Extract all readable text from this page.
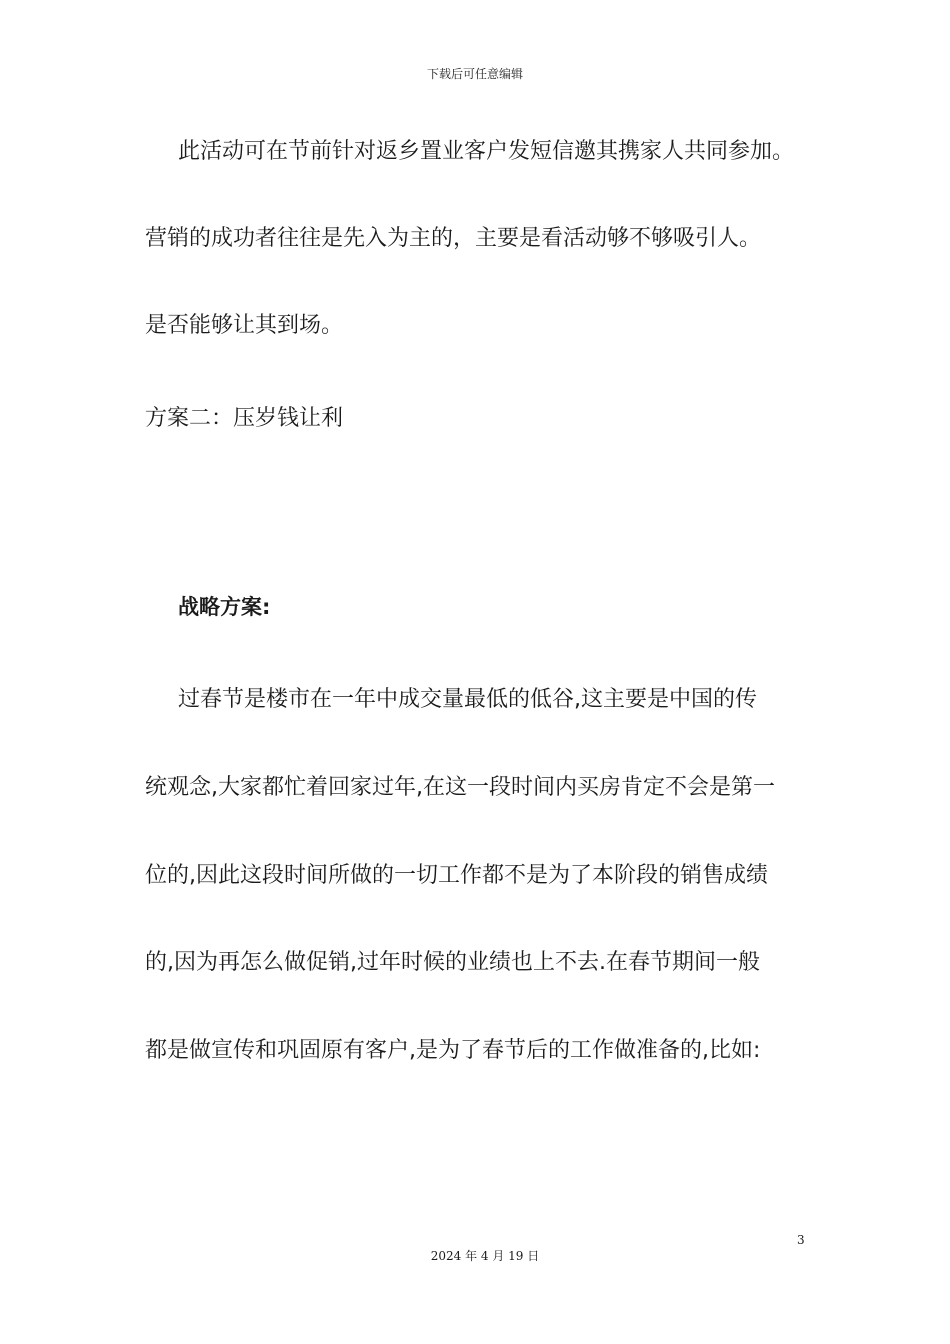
下载后可任意编辑
此活动可在节前针对返乡置业客户发短信邀其携家人共同参加。
营销的成功者往往是先入为主的，主要是看活动够不够吸引人。
是否能够让其到场。
方案二：压岁钱让利
战略方案:
过春节是楼市在一年中成交量最低的低谷,这主要是中国的传
统观念,大家都忙着回家过年,在这一段时间内买房肯定不会是第一
位的,因此这段时间所做的一切工作都不是为了本阶段的销售成绩
的,因为再怎么做促销,过年时候的业绩也上不去.在春节期间一般
都是做宣传和巩固原有客户,是为了春节后的工作做准备的,比如:
3
2024 年 4 月 19 日
